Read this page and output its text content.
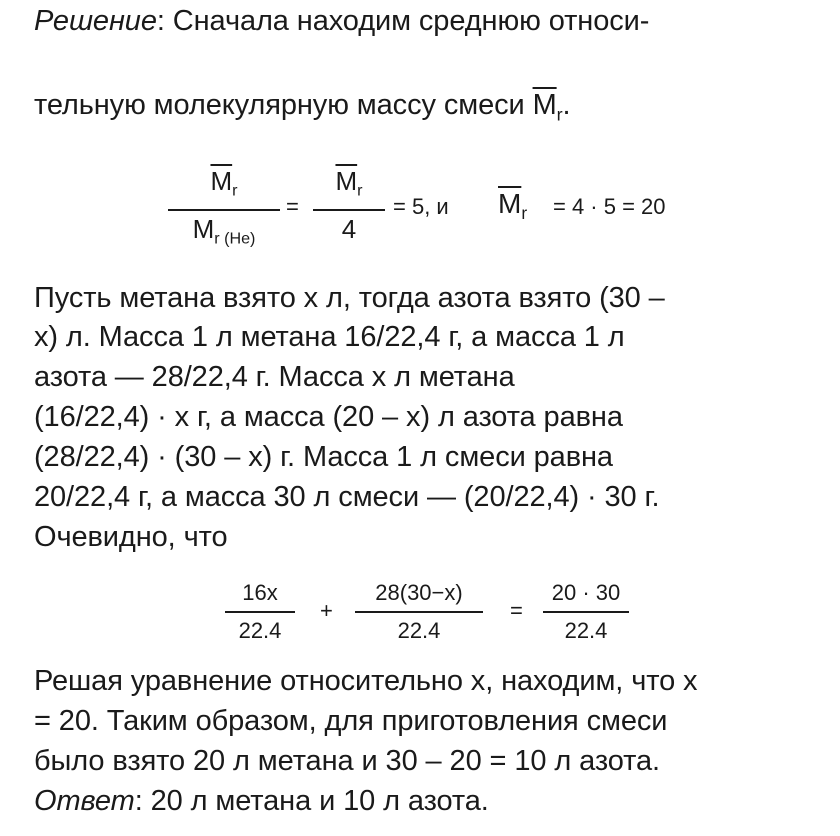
Решение: Сначала находим среднюю относи-
тельную молекулярную массу смеси $\overline{M}_r$.
$\overline{M}_r$
$M_{r (He)}$
=
$\overline{M}_r$
4
= 5, и $\overline{M}_r = 4 \cdot 5 = 20$
Пусть метана взято x л, тогда азота взято (30 –
x) л. Масса 1 л метана 16/22,4 г, а масса 1 л
азота — 28/22,4 г. Масса x л метана
(16/22,4) · x г, а масса (20 – x) л азота равна
(28/22,4) · (30 – x) г. Масса 1 л смеси равна
20/22,4 г, а масса 30 л смеси — (20/22,4) · 30 г.
Очевидно, что
16x
22.4
+
28(30−x)
22.4
=
20 · 30
22.4
Решая уравнение относительно х, находим, что x
= 20. Таким образом, для приготовления смеси
было взято 20 л метана и 30 – 20 = 10 л азота.
Ответ: 20 л метана и 10 л азота.
